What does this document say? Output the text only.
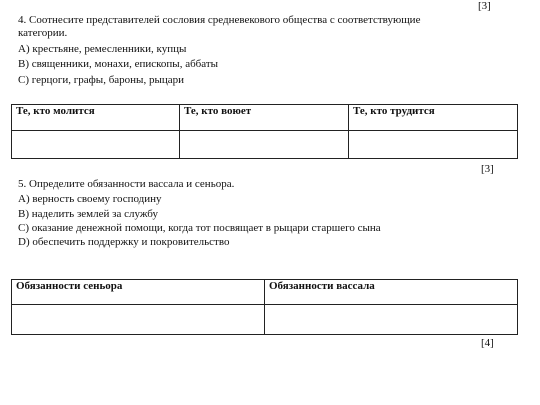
[3]
4. Соотнесите представителей сословия средневекового общества с соответствующие
категории.
А) крестьяне, ремесленники, купцы
В) священники, монахи, епископы, аббаты
С) герцоги, графы, бароны, рыцари
Те, кто молится	Те, кто воюет	Те, кто трудится

[3]
5. Определите обязанности вассала и сеньора.
А) верность своему господину
В) наделить землей за службу
С) оказание денежной помощи, когда тот посвящает в рыцари старшего сына
D) обеспечить поддержку и покровительство
Обязанности сеньора	Обязанности вассала

[4]
